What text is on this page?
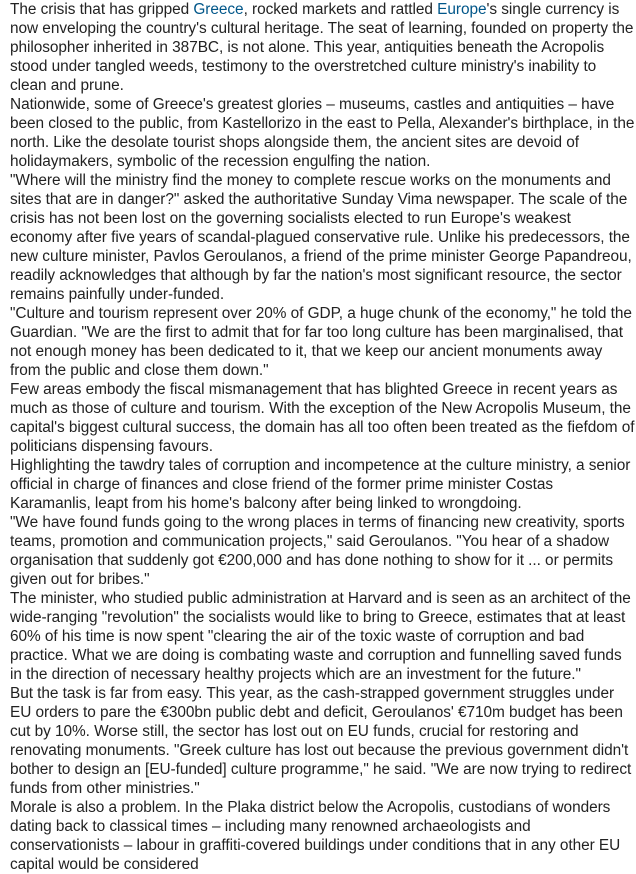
The crisis that has gripped Greece, rocked markets and rattled Europe's single currency is now enveloping the country's cultural heritage. The seat of learning, founded on property the philosopher inherited in 387BC, is not alone. This year, antiquities beneath the Acropolis stood under tangled weeds, testimony to the overstretched culture ministry's inability to clean and prune.

Nationwide, some of Greece's greatest glories – museums, castles and antiquities – have been closed to the public, from Kastellorizo in the east to Pella, Alexander's birthplace, in the north. Like the desolate tourist shops alongside them, the ancient sites are devoid of holidaymakers, symbolic of the recession engulfing the nation.

"Where will the ministry find the money to complete rescue works on the monuments and sites that are in danger?" asked the authoritative Sunday Vima newspaper. The scale of the crisis has not been lost on the governing socialists elected to run Europe's weakest economy after five years of scandal-plagued conservative rule. Unlike his predecessors, the new culture minister, Pavlos Geroulanos, a friend of the prime minister George Papandreou, readily acknowledges that although by far the nation's most significant resource, the sector remains painfully under-funded.

"Culture and tourism represent over 20% of GDP, a huge chunk of the economy," he told the Guardian. "We are the first to admit that for far too long culture has been marginalised, that not enough money has been dedicated to it, that we keep our ancient monuments away from the public and close them down."

Few areas embody the fiscal mismanagement that has blighted Greece in recent years as much as those of culture and tourism. With the exception of the New Acropolis Museum, the capital's biggest cultural success, the domain has all too often been treated as the fiefdom of politicians dispensing favours.

Highlighting the tawdry tales of corruption and incompetence at the culture ministry, a senior official in charge of finances and close friend of the former prime minister Costas Karamanlis, leapt from his home's balcony after being linked to wrongdoing.

"We have found funds going to the wrong places in terms of financing new creativity, sports teams, promotion and communication projects," said Geroulanos. "You hear of a shadow organisation that suddenly got €200,000 and has done nothing to show for it ... or permits given out for bribes."

The minister, who studied public administration at Harvard and is seen as an architect of the wide-ranging "revolution" the socialists would like to bring to Greece, estimates that at least 60% of his time is now spent "clearing the air of the toxic waste of corruption and bad practice. What we are doing is combating waste and corruption and funnelling saved funds in the direction of necessary healthy projects which are an investment for the future."

But the task is far from easy. This year, as the cash-strapped government struggles under EU orders to pare the €300bn public debt and deficit, Geroulanos' €710m budget has been cut by 10%. Worse still, the sector has lost out on EU funds, crucial for restoring and renovating monuments. "Greek culture has lost out because the previous government didn't bother to design an [EU-funded] culture programme," he said. "We are now trying to redirect funds from other ministries."

Morale is also a problem. In the Plaka district below the Acropolis, custodians of wonders dating back to classical times – including many renowned archaeologists and conservationists – labour in graffiti-covered buildings under conditions that in any other EU capital would be considered
